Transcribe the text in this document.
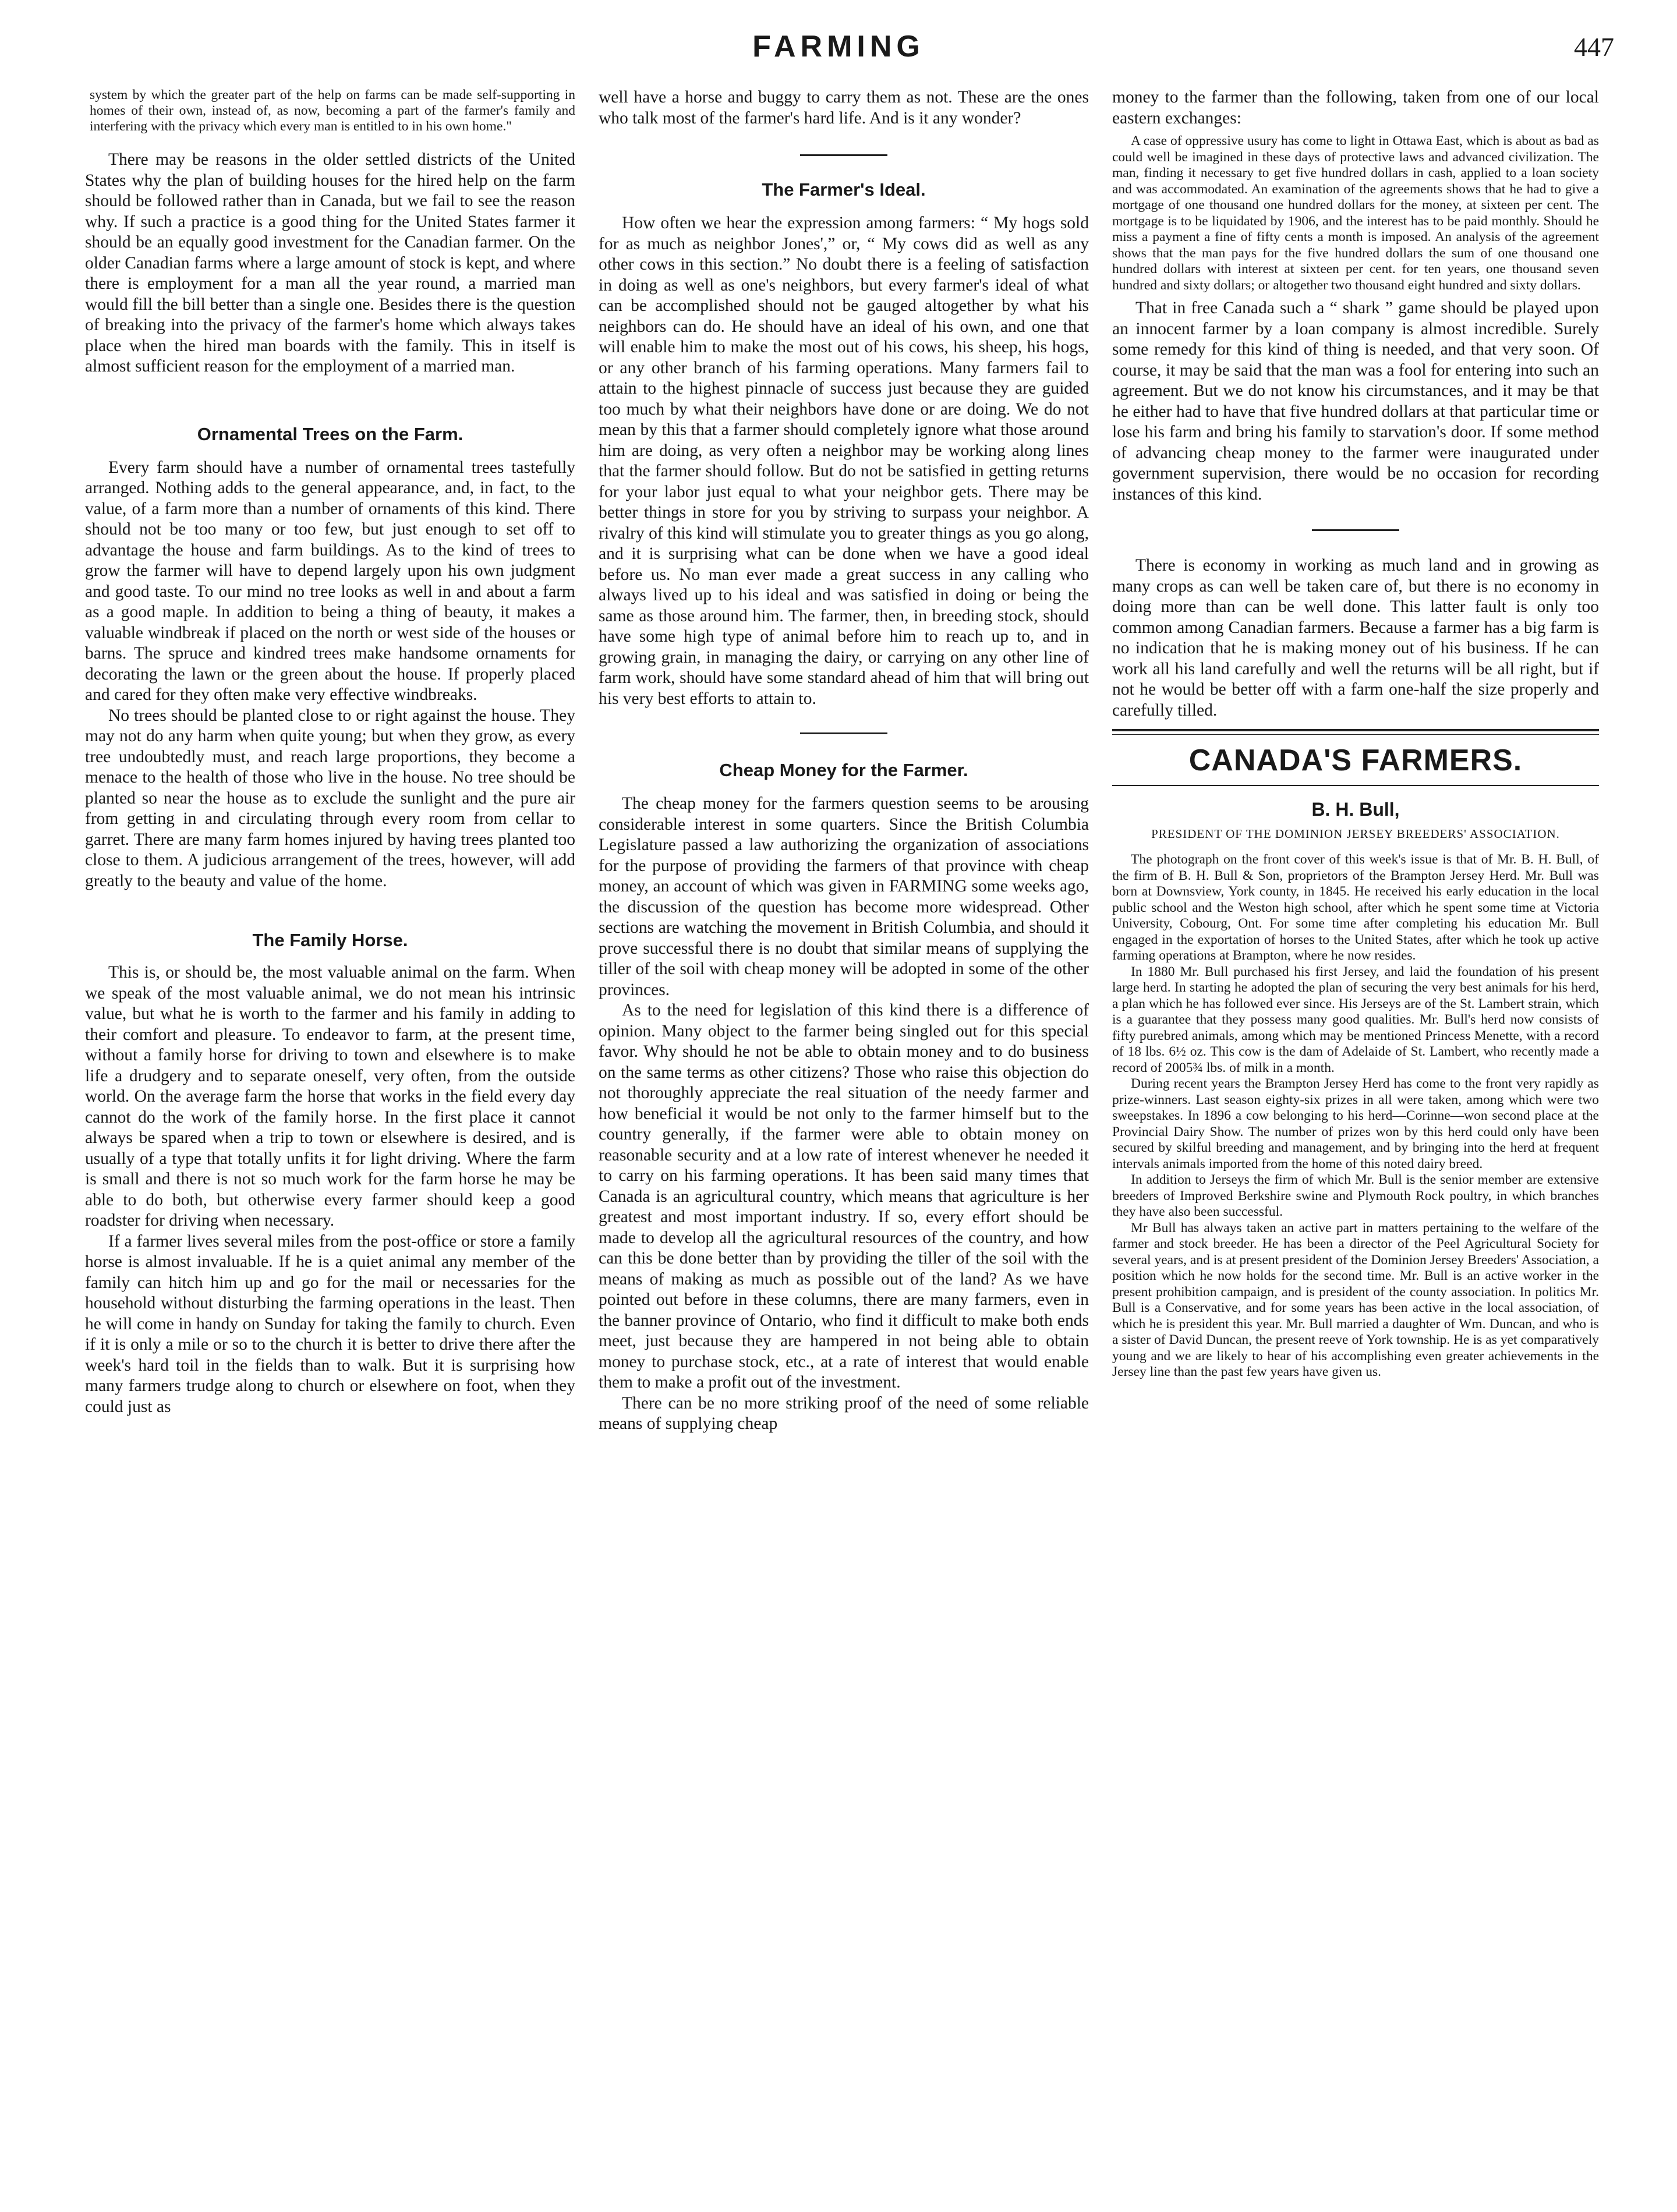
FARMING	447

system by which the greater part of the help on farms can be made self-supporting in homes of their own, instead of, as now, becoming a part of the farmer's family and interfering with the privacy which every man is entitled to in his own home."

There may be reasons in the older settled districts of the United States why the plan of building houses for the hired help on the farm should be followed rather than in Canada, but we fail to see the reason why. If such a practice is a good thing for the United States farmer it should be an equally good investment for the Canadian farmer. On the older Canadian farms where a large amount of stock is kept, and where there is employment for a man all the year round, a married man would fill the bill better than a single one. Besides there is the question of breaking into the privacy of the farmer's home which always takes place when the hired man boards with the family. This in itself is almost sufficient reason for the employment of a married man.

Ornamental Trees on the Farm.

Every farm should have a number of ornamental trees tastefully arranged. Nothing adds to the general appearance, and, in fact, to the value, of a farm more than a number of ornaments of this kind. There should not be too many or too few, but just enough to set off to advantage the house and farm buildings. As to the kind of trees to grow the farmer will have to depend largely upon his own judgment and good taste. To our mind no tree looks as well in and about a farm as a good maple. In addition to being a thing of beauty, it makes a valuable windbreak if placed on the north or west side of the houses or barns. The spruce and kindred trees make handsome ornaments for decorating the lawn or the green about the house. If properly placed and cared for they often make very effective windbreaks.

No trees should be planted close to or right against the house. They may not do any harm when quite young; but when they grow, as every tree undoubtedly must, and reach large proportions, they become a menace to the health of those who live in the house. No tree should be planted so near the house as to exclude the sunlight and the pure air from getting in and circulating through every room from cellar to garret. There are many farm homes injured by having trees planted too close to them. A judicious arrangement of the trees, however, will add greatly to the beauty and value of the home.

The Family Horse.

This is, or should be, the most valuable animal on the farm. When we speak of the most valuable animal, we do not mean his intrinsic value, but what he is worth to the farmer and his family in adding to their comfort and pleasure. To endeavor to farm, at the present time, without a family horse for driving to town and elsewhere is to make life a drudgery and to separate oneself, very often, from the outside world. On the average farm the horse that works in the field every day cannot do the work of the family horse. In the first place it cannot always be spared when a trip to town or elsewhere is desired, and is usually of a type that totally unfits it for light driving. Where the farm is small and there is not so much work for the farm horse he may be able to do both, but otherwise every farmer should keep a good roadster for driving when necessary.

If a farmer lives several miles from the post-office or store a family horse is almost invaluable. If he is a quiet animal any member of the family can hitch him up and go for the mail or necessaries for the household without disturbing the farming operations in the least. Then he will come in handy on Sunday for taking the family to church. Even if it is only a mile or so to the church it is better to drive there after the week's hard toil in the fields than to walk. But it is surprising how many farmers trudge along to church or elsewhere on foot, when they could just as

well have a horse and buggy to carry them as not. These are the ones who talk most of the farmer's hard life. And is it any wonder?

The Farmer's Ideal.

How often we hear the expression among farmers: “ My hogs sold for as much as neighbor Jones',” or, “ My cows did as well as any other cows in this section.” No doubt there is a feeling of satisfaction in doing as well as one's neighbors, but every farmer's ideal of what can be accomplished should not be gauged altogether by what his neighbors can do. He should have an ideal of his own, and one that will enable him to make the most out of his cows, his sheep, his hogs, or any other branch of his farming operations. Many farmers fail to attain to the highest pinnacle of success just because they are guided too much by what their neighbors have done or are doing. We do not mean by this that a farmer should completely ignore what those around him are doing, as very often a neighbor may be working along lines that the farmer should follow. But do not be satisfied in getting returns for your labor just equal to what your neighbor gets. There may be better things in store for you by striving to surpass your neighbor. A rivalry of this kind will stimulate you to greater things as you go along, and it is surprising what can be done when we have a good ideal before us. No man ever made a great success in any calling who always lived up to his ideal and was satisfied in doing or being the same as those around him. The farmer, then, in breeding stock, should have some high type of animal before him to reach up to, and in growing grain, in managing the dairy, or carrying on any other line of farm work, should have some standard ahead of him that will bring out his very best efforts to attain to.

Cheap Money for the Farmer.

The cheap money for the farmers question seems to be arousing considerable interest in some quarters. Since the British Columbia Legislature passed a law authorizing the organization of associations for the purpose of providing the farmers of that province with cheap money, an account of which was given in FARMING some weeks ago, the discussion of the question has become more widespread. Other sections are watching the movement in British Columbia, and should it prove successful there is no doubt that similar means of supplying the tiller of the soil with cheap money will be adopted in some of the other provinces.

As to the need for legislation of this kind there is a difference of opinion. Many object to the farmer being singled out for this special favor. Why should he not be able to obtain money and to do business on the same terms as other citizens? Those who raise this objection do not thoroughly appreciate the real situation of the needy farmer and how beneficial it would be not only to the farmer himself but to the country generally, if the farmer were able to obtain money on reasonable security and at a low rate of interest whenever he needed it to carry on his farming operations. It has been said many times that Canada is an agricultural country, which means that agriculture is her greatest and most important industry. If so, every effort should be made to develop all the agricultural resources of the country, and how can this be done better than by providing the tiller of the soil with the means of making as much as possible out of the land? As we have pointed out before in these columns, there are many farmers, even in the banner province of Ontario, who find it difficult to make both ends meet, just because they are hampered in not being able to obtain money to purchase stock, etc., at a rate of interest that would enable them to make a profit out of the investment.

There can be no more striking proof of the need of some reliable means of supplying cheap

money to the farmer than the following, taken from one of our local eastern exchanges:

A case of oppressive usury has come to light in Ottawa East, which is about as bad as could well be imagined in these days of protective laws and advanced civilization. The man, finding it necessary to get five hundred dollars in cash, applied to a loan society and was accommodated. An examination of the agreements shows that he had to give a mortgage of one thousand one hundred dollars for the money, at sixteen per cent. The mortgage is to be liquidated by 1906, and the interest has to be paid monthly. Should he miss a payment a fine of fifty cents a month is imposed. An analysis of the agreement shows that the man pays for the five hundred dollars the sum of one thousand one hundred dollars with interest at sixteen per cent. for ten years, one thousand seven hundred and sixty dollars; or altogether two thousand eight hundred and sixty dollars.

That in free Canada such a “ shark ” game should be played upon an innocent farmer by a loan company is almost incredible. Surely some remedy for this kind of thing is needed, and that very soon. Of course, it may be said that the man was a fool for entering into such an agreement. But we do not know his circumstances, and it may be that he either had to have that five hundred dollars at that particular time or lose his farm and bring his family to starvation's door. If some method of advancing cheap money to the farmer were inaugurated under government supervision, there would be no occasion for recording instances of this kind.

There is economy in working as much land and in growing as many crops as can well be taken care of, but there is no economy in doing more than can be well done. This latter fault is only too common among Canadian farmers. Because a farmer has a big farm is no indication that he is making money out of his business. If he can work all his land carefully and well the returns will be all right, but if not he would be better off with a farm one-half the size properly and carefully tilled.

CANADA'S FARMERS.

B. H. Bull,

PRESIDENT OF THE DOMINION JERSEY BREEDERS' ASSOCIATION.

The photograph on the front cover of this week's issue is that of Mr. B. H. Bull, of the firm of B. H. Bull & Son, proprietors of the Brampton Jersey Herd. Mr. Bull was born at Downsview, York county, in 1845. He received his early education in the local public school and the Weston high school, after which he spent some time at Victoria University, Cobourg, Ont. For some time after completing his education Mr. Bull engaged in the exportation of horses to the United States, after which he took up active farming operations at Brampton, where he now resides.

In 1880 Mr. Bull purchased his first Jersey, and laid the foundation of his present large herd. In starting he adopted the plan of securing the very best animals for his herd, a plan which he has followed ever since. His Jerseys are of the St. Lambert strain, which is a guarantee that they possess many good qualities. Mr. Bull's herd now consists of fifty purebred animals, among which may be mentioned Princess Menette, with a record of 18 lbs. 6½ oz. This cow is the dam of Adelaide of St. Lambert, who recently made a record of 2005¾ lbs. of milk in a month.

During recent years the Brampton Jersey Herd has come to the front very rapidly as prize-winners. Last season eighty-six prizes in all were taken, among which were two sweepstakes. In 1896 a cow belonging to his herd—Corinne—won second place at the Provincial Dairy Show. The number of prizes won by this herd could only have been secured by skilful breeding and management, and by bringing into the herd at frequent intervals animals imported from the home of this noted dairy breed.

In addition to Jerseys the firm of which Mr. Bull is the senior member are extensive breeders of Improved Berkshire swine and Plymouth Rock poultry, in which branches they have also been successful.

Mr Bull has always taken an active part in matters pertaining to the welfare of the farmer and stock breeder. He has been a director of the Peel Agricultural Society for several years, and is at present president of the Dominion Jersey Breeders' Association, a position which he now holds for the second time. Mr. Bull is an active worker in the present prohibition campaign, and is president of the county association. In politics Mr. Bull is a Conservative, and for some years has been active in the local association, of which he is president this year. Mr. Bull married a daughter of Wm. Duncan, and who is a sister of David Duncan, the present reeve of York township. He is as yet comparatively young and we are likely to hear of his accomplishing even greater achievements in the Jersey line than the past few years have given us.
